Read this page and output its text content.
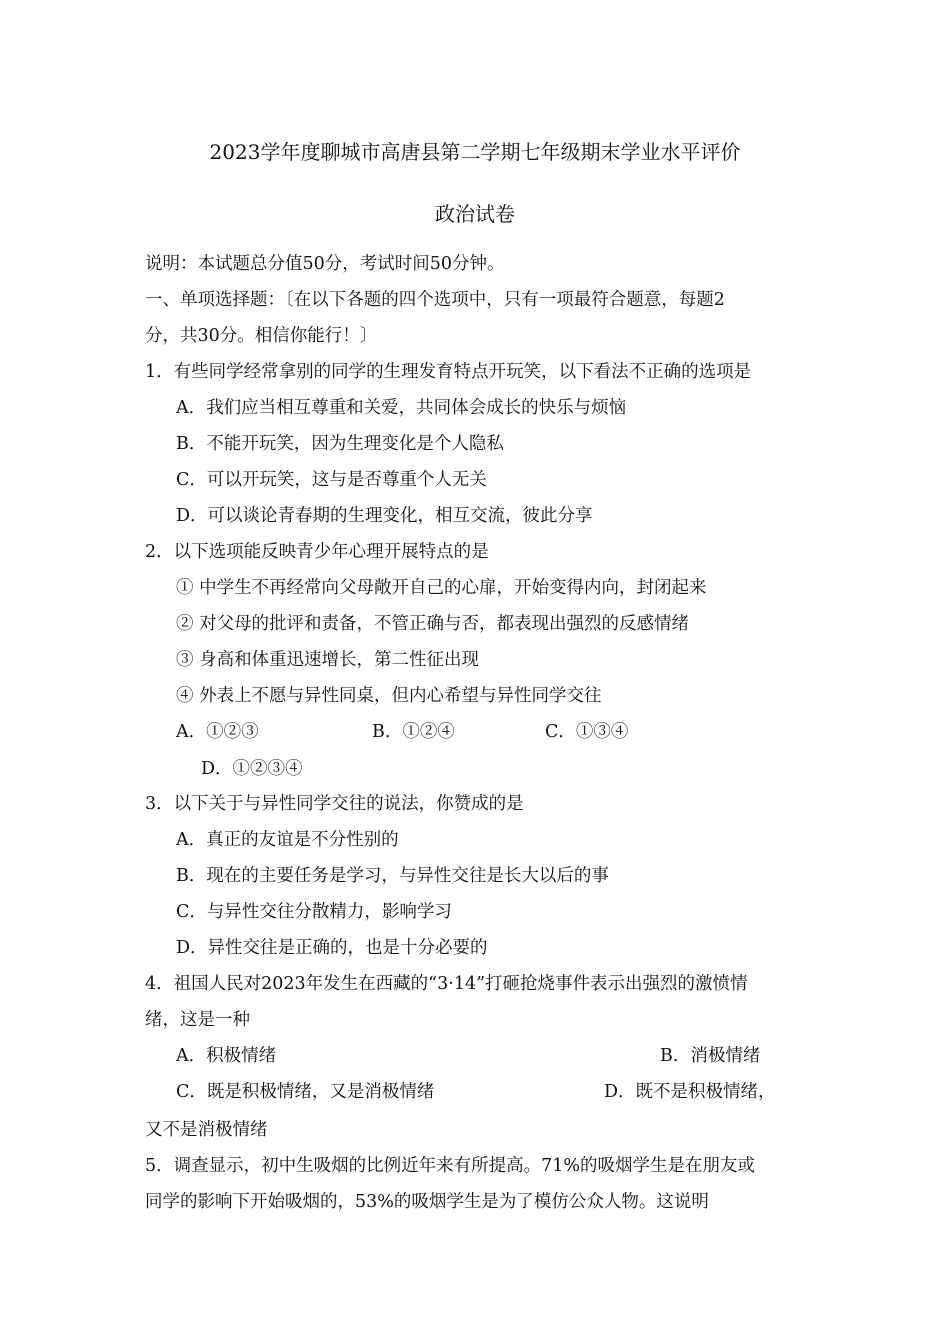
2023学年度聊城市高唐县第二学期七年级期末学业水平评价
政治试卷
说明：本试题总分值50分，考试时间50分钟。
一、单项选择题：〔在以下各题的四个选项中，只有一项最符合题意，每题2
分，共30分。相信你能行！〕
1．有些同学经常拿别的同学的生理发育特点开玩笑，以下看法不正确的选项是
A．我们应当相互尊重和关爱，共同体会成长的快乐与烦恼
B．不能开玩笑，因为生理变化是个人隐私
C．可以开玩笑，这与是否尊重个人无关
D．可以谈论青春期的生理变化，相互交流，彼此分享
2．以下选项能反映青少年心理开展特点的是
① 中学生不再经常向父母敞开自己的心扉，开始变得内向，封闭起来
② 对父母的批评和责备，不管正确与否，都表现出强烈的反感情绪
③ 身高和体重迅速增长，第二性征出现
④ 外表上不愿与异性同桌，但内心希望与异性同学交往
A．①②③	B．①②④	C．①③④
D．①②③④
3．以下关于与异性同学交往的说法，你赞成的是
A．真正的友谊是不分性别的
B．现在的主要任务是学习，与异性交往是长大以后的事
C．与异性交往分散精力，影响学习
D．异性交往是正确的，也是十分必要的
4．祖国人民对2023年发生在西藏的“3·14”打砸抢烧事件表示出强烈的激愤情
绪，这是一种
A．积极情绪	B．消极情绪
C．既是积极情绪，又是消极情绪	D．既不是积极情绪，
又不是消极情绪
5．调查显示，初中生吸烟的比例近年来有所提高。71%的吸烟学生是在朋友或
同学的影响下开始吸烟的，53%的吸烟学生是为了模仿公众人物。这说明
